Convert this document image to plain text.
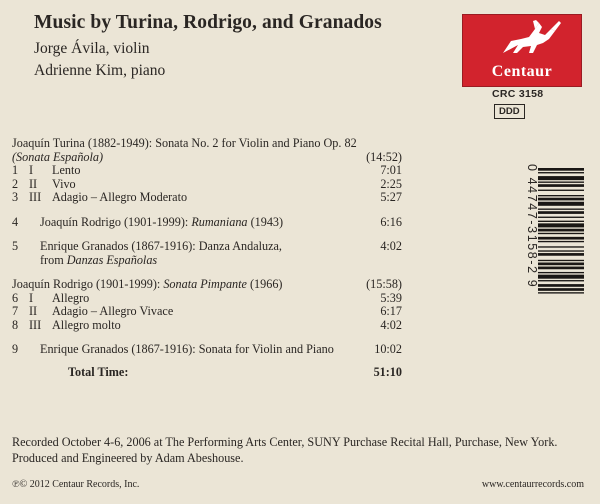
Music by Turina, Rodrigo, and Granados
Jorge Ávila, violin
Adrienne Kim, piano	Centaur
CRC 3158
DDD
Joaquín Turina (1882-1949): Sonata No. 2 for Violin and Piano Op. 82
(Sonata Española)	(14:52)
1 I Lento	7:01
2 II Vivo	2:25
3 III Adagio – Allegro Moderato	5:27
4 Joaquín Rodrigo (1901-1999): Rumaniana (1943)	6:16
5 Enrique Granados (1867-1916): Danza Andaluza,	4:02
from Danzas Españolas
Joaquín Rodrigo (1901-1999): Sonata Pimpante (1966)	(15:58)
6 I Allegro	5:39
7 II Adagio – Allegro Vivace	6:17
8 III Allegro molto	4:02
9 Enrique Granados (1867-1916): Sonata for Violin and Piano	10:02
Total Time:	51:10
0 44747-3158-2 9
Recorded October 4-6, 2006 at The Performing Arts Center, SUNY Purchase Recital Hall, Purchase, New York. Produced and Engineered by Adam Abeshouse.
℗© 2012 Centaur Records, Inc.	www.centaurrecords.com
